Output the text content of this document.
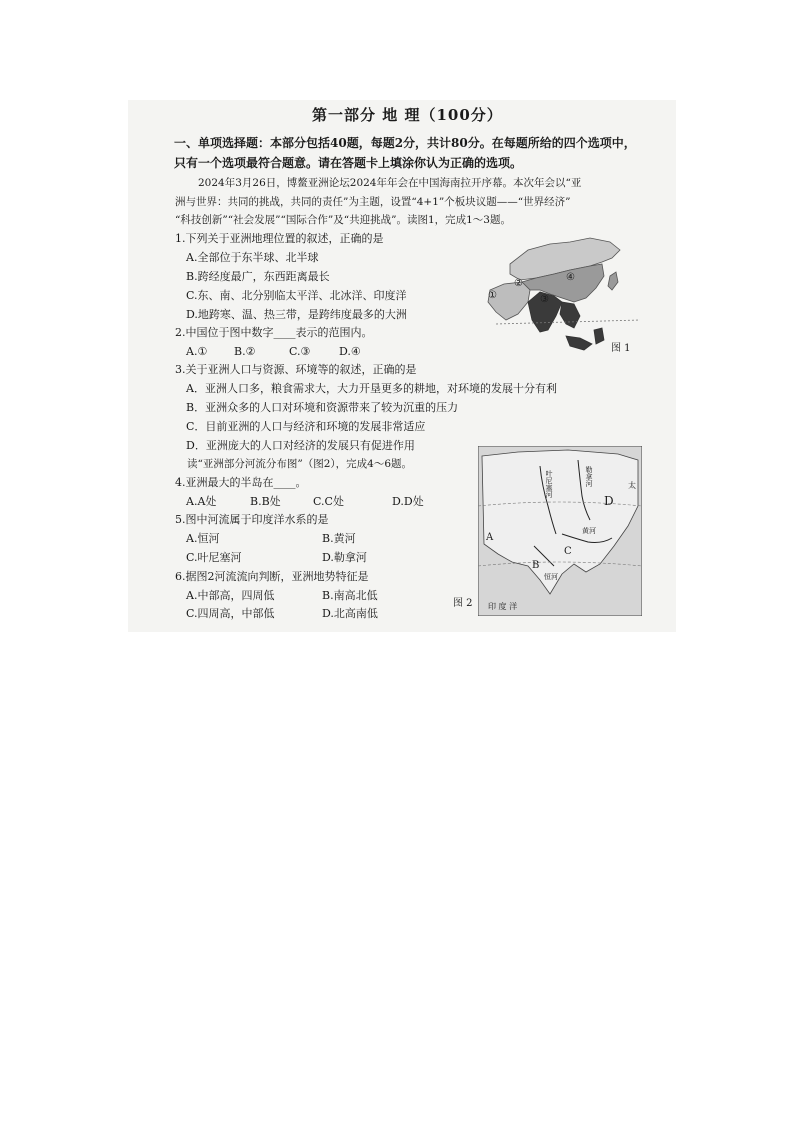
第一部分 地 理（100分）
一、单项选择题：本部分包括40题，每题2分，共计80分。在每题所给的四个选项中，
只有一个选项最符合题意。请在答题卡上填涂你认为正确的选项。
2024年3月26日，博鳌亚洲论坛2024年年会在中国海南拉开序幕。本次年会以“亚
洲与世界：共同的挑战，共同的责任”为主题，设置“4+1”个板块议题——“世界经济”
“科技创新”“社会发展”“国际合作”及“共迎挑战”。读图1，完成1～3题。
1.下列关于亚洲地理位置的叙述，正确的是
A.全部位于东半球、北半球
B.跨经度最广，东西距离最长
C.东、南、北分别临太平洋、北冰洋、印度洋
D.地跨寒、温、热三带，是跨纬度最多的大洲
2.中国位于图中数字____表示的范围内。
A.① B.②	C.③	D.④
3.关于亚洲人口与资源、环境等的叙述，正确的是
A．亚洲人口多，粮食需求大，大力开垦更多的耕地，对环境的发展十分有利
B．亚洲众多的人口对环境和资源带来了较为沉重的压力
C．目前亚洲的人口与经济和环境的发展非常适应
D．亚洲庞大的人口对经济的发展只有促进作用
读“亚洲部分河流分布图”（图2），完成4～6题。
4.亚洲最大的半岛在____。
A.A处	B.B处	C.C处	D.D处
5.图中河流属于印度洋水系的是
A.恒河	B.黄河
C.叶尼塞河	D.勒拿河
6.据图2河流流向判断，亚洲地势特征是
A.中部高，四周低	B.南高北低
C.四周高，中部低	D.北高南低
①
②
③
④
图 1
A
B
C
D
叶尼塞河	勒拿河
黄河
恒河
太
印 度 洋
图 2
